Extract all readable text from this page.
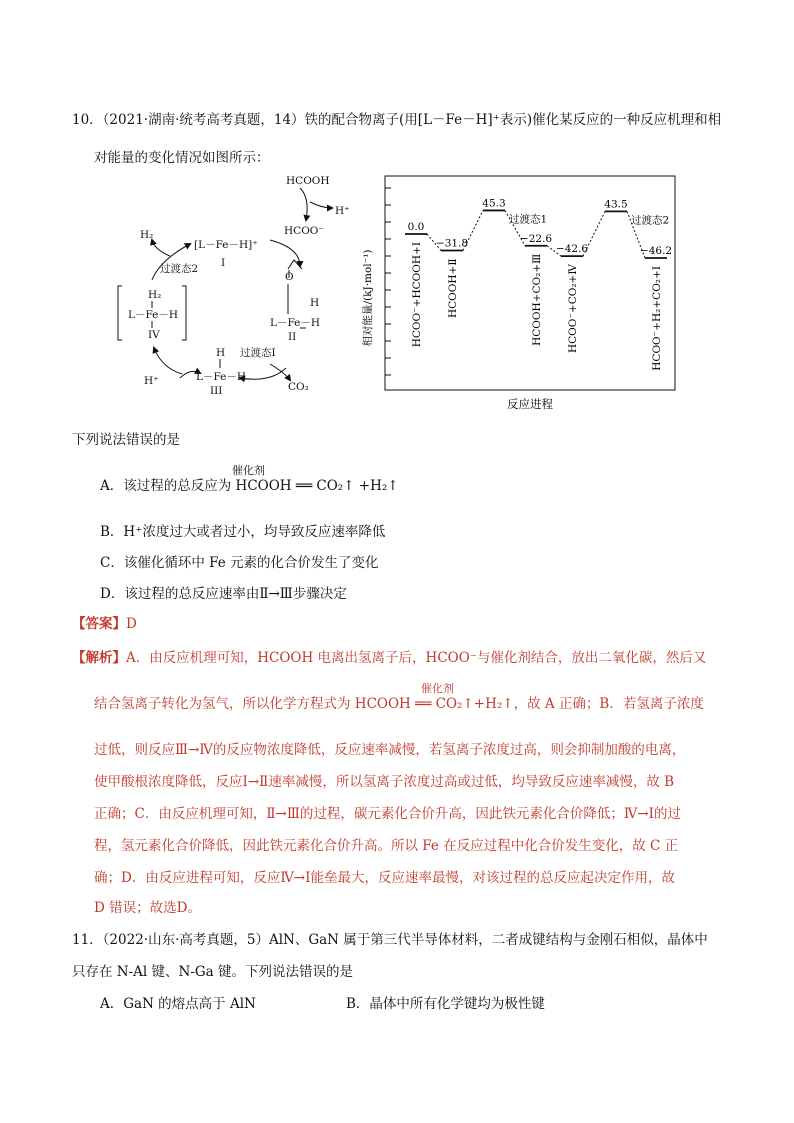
10．（2021·湖南·统考高考真题，14）铁的配合物离子(用[L－Fe－H]⁺表示)催化某反应的一种反应机理和相
对能量的变化情况如图所示：
HCOOH
H⁺
HCOO⁻
H₂
[L－Fe－H]⁺
I
过渡态2
H₂
L－Fe－H
IV
O
H
L－Fe－H
II
过渡态I
H
L－Fe－H
III
H⁺	CO₂
相对能量/(kJ·mol⁻¹)
反应进程
0.0
HCOO⁻+HCOOH+Ⅰ −31.8
HCOOH+Ⅱ
45.3
过渡态1
−22.6
HCOOH+CO₂+Ⅲ
−42.6
HCOO⁻+CO₂+Ⅳ
43.5
过渡态2
−46.2
HCOO⁻+H₂+CO₂+Ⅰ
下列说法错误的是
催化剂
A．该过程的总反应为 HCOOH ══ CO₂↑ +H₂↑
B．H⁺浓度过大或者过小，均导致反应速率降低
C．该催化循环中 Fe 元素的化合价发生了变化
D．该过程的总反应速率由Ⅱ→Ⅲ步骤决定
【答案】D
【解析】A．由反应机理可知，HCOOH 电离出氢离子后，HCOO⁻与催化剂结合，放出二氧化碳，然后又
催化剂
结合氢离子转化为氢气，所以化学方程式为 HCOOH ══ CO₂↑+H₂↑，故 A 正确；B．若氢离子浓度
过低，则反应Ⅲ→Ⅳ的反应物浓度降低，反应速率减慢，若氢离子浓度过高，则会抑制加酸的电离，
使甲酸根浓度降低，反应Ⅰ→Ⅱ速率减慢，所以氢离子浓度过高或过低，均导致反应速率减慢，故 B
正确；C．由反应机理可知，Ⅱ→Ⅲ的过程，碳元素化合价升高，因此铁元素化合价降低；Ⅳ→Ⅰ的过
程，氢元素化合价降低，因此铁元素化合价升高。所以 Fe 在反应过程中化合价发生变化，故 C 正
确；D．由反应进程可知，反应Ⅳ→Ⅰ能垒最大，反应速率最慢，对该过程的总反应起决定作用，故
D 错误；故选D。
11．（2022·山东·高考真题，5）AlN、GaN 属于第三代半导体材料，二者成键结构与金刚石相似，晶体中
只存在 N-Al 键、N-Ga 键。下列说法错误的是
A．GaN 的熔点高于 AlN	B．晶体中所有化学键均为极性键
